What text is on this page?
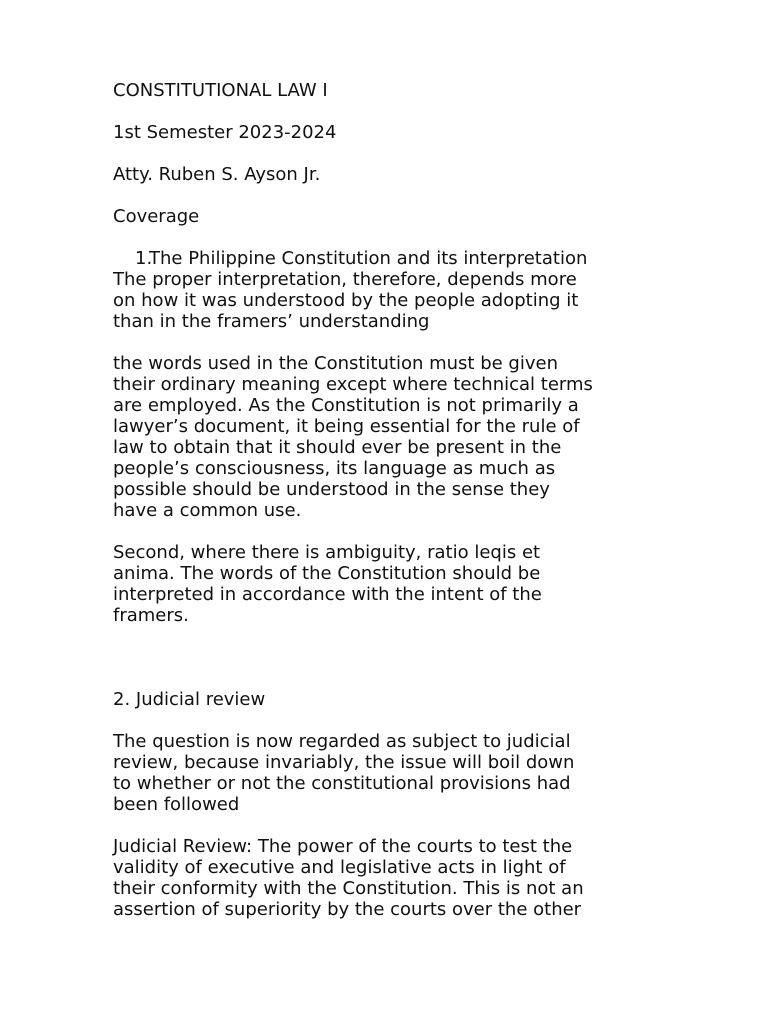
CONSTITUTIONAL LAW I
1st Semester 2023-2024
Atty. Ruben S. Ayson Jr.
Coverage
1.The Philippine Constitution and its interpretation
The proper interpretation, therefore, depends more
on how it was understood by the people adopting it
than in the framers’ understanding
the words used in the Constitution must be given
their ordinary meaning except where technical terms
are employed. As the Constitution is not primarily a
lawyer’s document, it being essential for the rule of
law to obtain that it should ever be present in the
people’s consciousness, its language as much as
possible should be understood in the sense they
have a common use.
Second, where there is ambiguity, ratio leqis et
anima. The words of the Constitution should be
interpreted in accordance with the intent of the
framers.
2. Judicial review
The question is now regarded as subject to judicial
review, because invariably, the issue will boil down
to whether or not the constitutional provisions had
been followed
Judicial Review: The power of the courts to test the
validity of executive and legislative acts in light of
their conformity with the Constitution. This is not an
assertion of superiority by the courts over the other
